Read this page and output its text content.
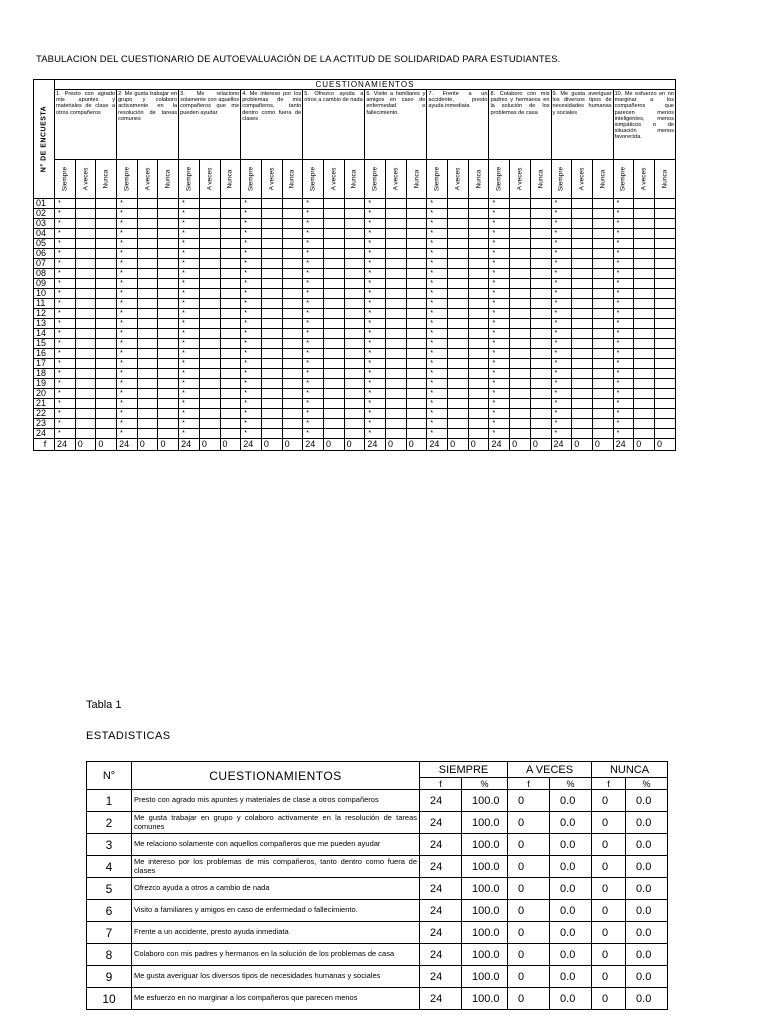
TABULACION DEL CUESTIONARIO DE AUTOEVALUACIÓN DE LA ACTITUD DE SOLIDARIDAD PARA ESTUDIANTES.
N° DE ENCUESTA	CUESTIONAMIENTOS																													
	1. Presto con agrado mis apuntes y materiales de clase a otros compañeros			2. Me gusta trabajar en grupo y colaboro activamente en la resolución de tareas comunes			3. Me relaciono solamente con aquellos compañeros que me pueden ayudar			4. Me intereso por los problemas de mis compañeros, tanto dentro como fuera de clases			5. Ofrezco ayuda a otros a cambio de nada			6. Visito a familiares y amigos en caso de enfermedad o fallecimiento.			7. Frente a un accidente, presto ayuda inmediata			8. Colaboro con mis padres y hermanos en la solución de los problemas de casa			9. Me gusta averiguar los diversos tipos de necesidades humanas y sociales			10. Me esfuerzo en no marginar a los compañeros que parecen menos inteligentes, menos simpáticos o de situación menos favorecida.		

	Siempre	A veces	Nunca	Siempre	A veces	Nunca	Siempre	A veces	Nunca	Siempre	A veces	Nunca	Siempre	A veces	Nunca	Siempre	A veces	Nunca	Siempre	A veces	Nunca	Siempre	A veces	Nunca	Siempre	A veces	Nunca	Siempre	A veces	Nunca

01	*			*			*			*			*			*			*			*			*			*		
02	*			*			*			*			*			*			*			*			*			*		
03	*			*			*			*			*			*			*			*			*			*		
04	*			*			*			*			*			*			*			*			*			*		
05	*			*			*			*			*			*			*			*			*			*		
06	*			*			*			*			*			*			*			*			*			*		
07	*			*			*			*			*			*			*			*			*			*		
08	*			*			*			*			*			*			*			*			*			*		
09	*			*			*			*			*			*			*			*			*			*		
10	*			*			*			*			*			*			*			*			*			*		
11	*			*			*			*			*			*			*			*			*			*		
12	*			*			*			*			*			*			*			*			*			*		
13	*			*			*			*			*			*			*			*			*			*		
14	*			*			*			*			*			*			*			*			*			*		
15	*			*			*			*			*			*			*			*			*			*		
16	*			*			*			*			*			*			*			*			*			*		
17	*			*			*			*			*			*			*			*			*			*		
18	*			*			*			*			*			*			*			*			*			*		
19	*			*			*			*			*			*			*			*			*			*		
20	*			*			*			*			*			*			*			*			*			*		
21	*			*			*			*			*			*			*			*			*			*		
22	*			*			*			*			*			*			*			*			*			*		
23	*			*			*			*			*			*			*			*			*			*		
24	*			*			*			*			*			*			*			*			*			*		
f	24	0	0	24	0	0	24	0	0	24	0	0	24	0	0	24	0	0	24	0	0	24	0	0	24	0	0	24	0	0
Tabla 1
ESTADISTICAS
N°	CUESTIONAMIENTOS	SIEMPRE		A VECES		NUNCA	
		f	%	f	%	f	%
1	Presto con agrado mis apuntes y materiales de clase a otros compañeros	24	100.0	0	0.0	0	0.0
2	Me gusta trabajar en grupo y colaboro activamente en la resolución de tareas comunes	24	100.0	0	0.0	0	0.0
3	Me relaciono solamente con aquellos compañeros que me pueden ayudar	24	100.0	0	0.0	0	0.0
4	Me intereso por los problemas de mis compañeros, tanto dentro como fuera de clases	24	100.0	0	0.0	0	0.0
5	Ofrezco ayuda a otros a cambio de nada	24	100.0	0	0.0	0	0.0
6	Visito a familiares y amigos en caso de enfermedad o fallecimiento.	24	100.0	0	0.0	0	0.0
7	Frente a un accidente, presto ayuda inmediata	24	100.0	0	0.0	0	0.0
8	Colaboro con mis padres y hermanos en la solución de los problemas de casa	24	100.0	0	0.0	0	0.0
9	Me gusta averiguar los diversos tipos de necesidades humanas y sociales	24	100.0	0	0.0	0	0.0
10	Me esfuerzo en no marginar a los compañeros que parecen menos	24	100.0	0	0.0	0	0.0
